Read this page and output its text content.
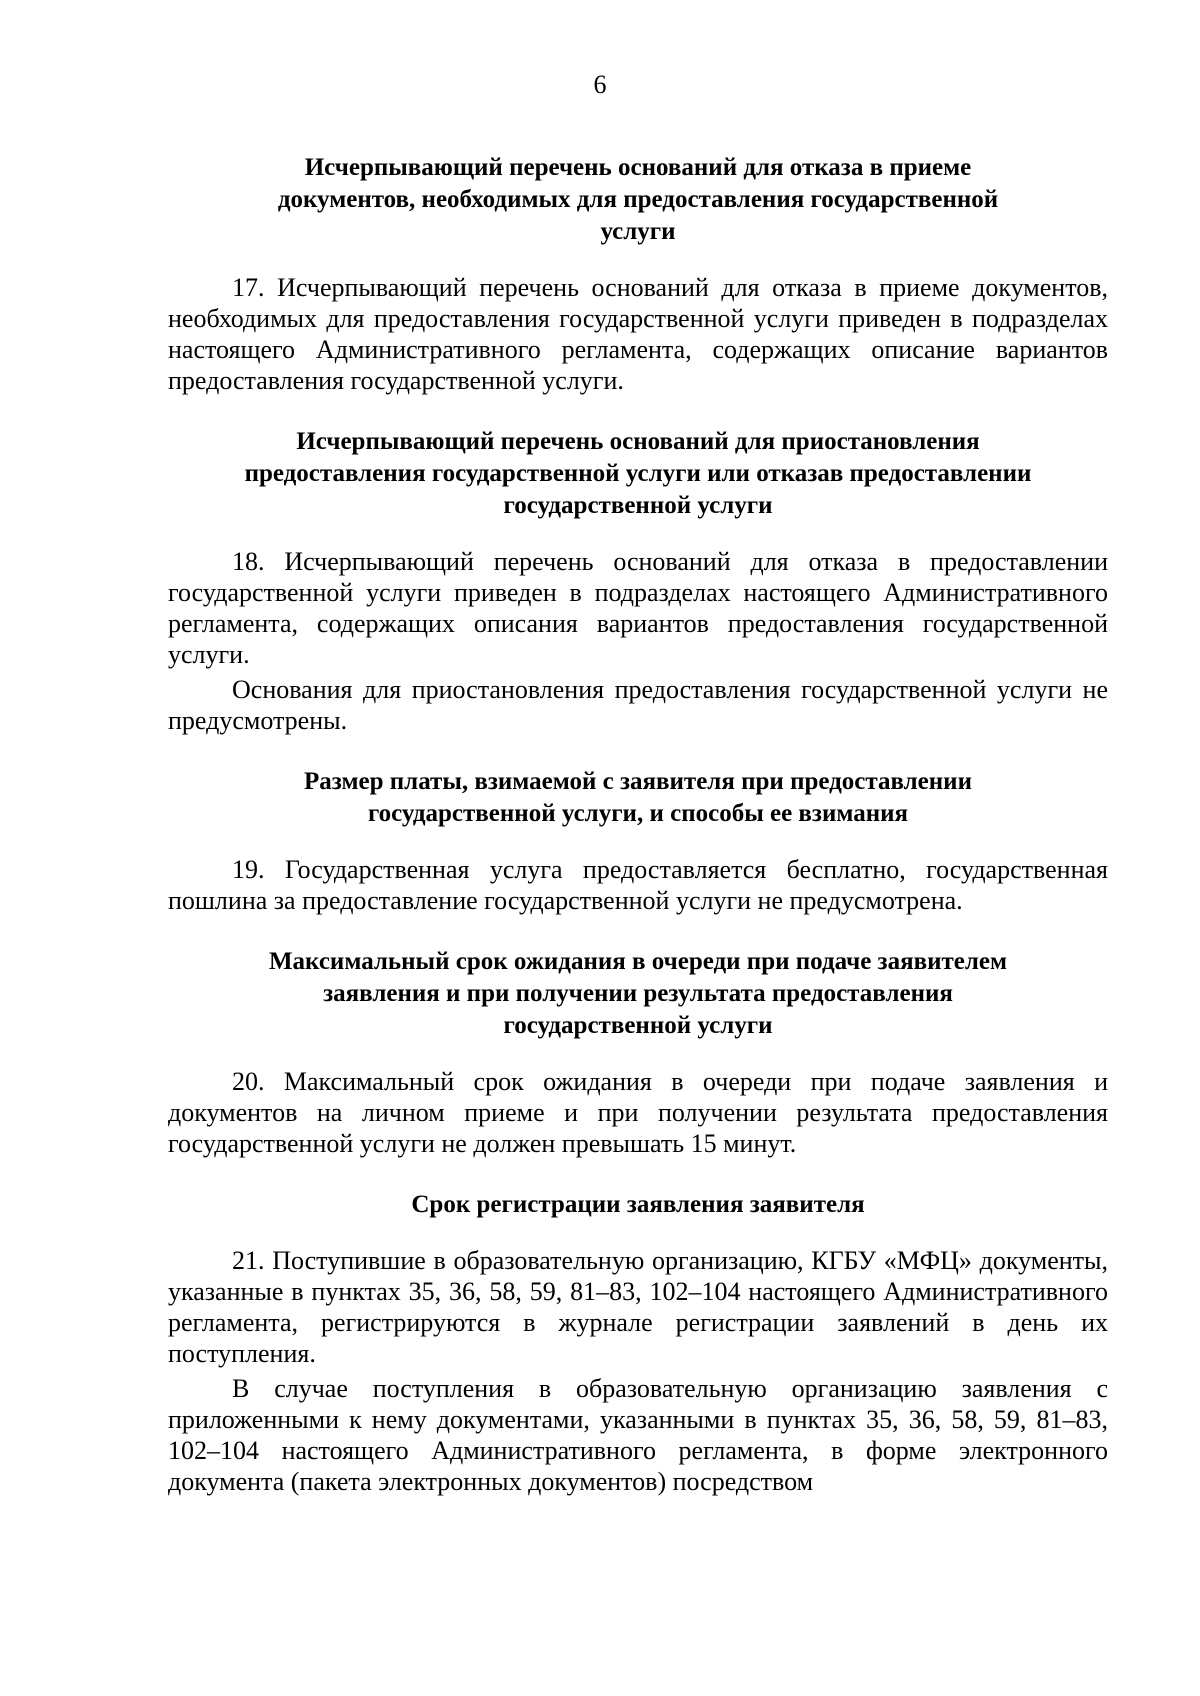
6
Исчерпывающий перечень оснований для отказа в приеме документов, необходимых для предоставления государственной услуги

17. Исчерпывающий перечень оснований для отказа в приеме документов, необходимых для предоставления государственной услуги приведен в подразделах настоящего Административного регламента, содержащих описание вариантов предоставления государственной услуги.

Исчерпывающий перечень оснований для приостановления предоставления государственной услуги или отказав предоставлении государственной услуги

18. Исчерпывающий перечень оснований для отказа в предоставлении государственной услуги приведен в подразделах настоящего Административного регламента, содержащих описания вариантов предоставления государственной услуги.

Основания для приостановления предоставления государственной услуги не предусмотрены.

Размер платы, взимаемой с заявителя при предоставлении государственной услуги, и способы ее взимания

19. Государственная услуга предоставляется бесплатно, государственная пошлина за предоставление государственной услуги не предусмотрена.

Максимальный срок ожидания в очереди при подаче заявителем заявления и при получении результата предоставления государственной услуги

20. Максимальный срок ожидания в очереди при подаче заявления и документов на личном приеме и при получении результата предоставления государственной услуги не должен превышать 15 минут.

Срок регистрации заявления заявителя

21. Поступившие в образовательную организацию, КГБУ «МФЦ» документы, указанные в пунктах 35, 36, 58, 59, 81–83, 102–104 настоящего Административного регламента, регистрируются в журнале регистрации заявлений в день их поступления.

В случае поступления в образовательную организацию заявления с приложенными к нему документами, указанными в пунктах 35, 36, 58, 59, 81–83, 102–104 настоящего Административного регламента, в форме электронного документа (пакета электронных документов) посредством
